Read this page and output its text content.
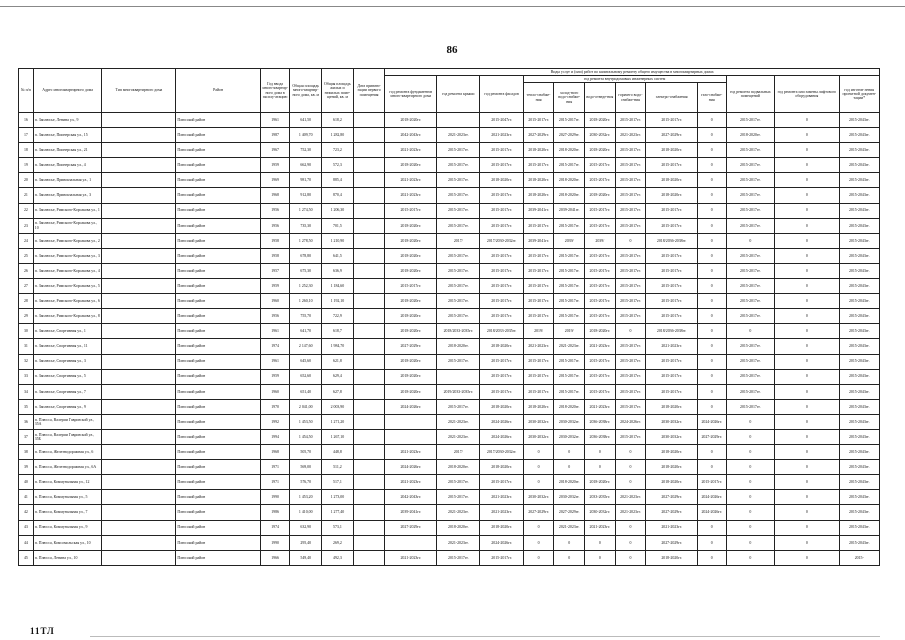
86
№ п/п	Адрес многоквартирного дома	Тип многоквартирного дома	Район	Год ввода много-квартир-ного дома в эксплу-атацию	Общая площадь много-квартир-ного дома, кв. м	Общая площадь жилых и нежилых поме-щений, кв. м	Дата привати-зации первого помещения	Виды услуг и (или) работ по капитальному ремонту общего имущества в многоквартирных домах											
								год ремонта фундаментов много-квартирного дома	год ремонта крыши	год ремонта фасадов	год ремонта внутридомовых инженерных систем						год ремонта подвальных помещений	год ремонта или замены лифтового оборудования	год изготов-ления проектной докумен-тации*
											тепло-снабже-ния	холод-ного водо-снабже-ния	водо-отведе-ния	горячего водо-снабже-ния	электро-снабжения	газо-снабже-ния			
16	п. Заплюсье, Ленина ул., 9		Плюсский район	1961	641,50	618,2		2018-2020гг.		2015-2047гг.	2015-2017гг.	2015-2017гг.	2018-2020гг.	2015-2017гг.	2015-2017гг.	0	2015-2017гг.	0	2015-2043гг.
17	п. Заплюсье, Пионерская ул., 15		Плюсский район	1987	1 409,70	1 282,80		2042-2043гг.	2021-2023гг.	2021-2023гг.	2027-2029гг.	2027-2029гг.	2030-2032гг.	2021-2023гг.	2027-2029гг.	0	2018-2020гг.	0	2015-2043гг.
18	п. Заплюсье, Пионерская ул., 21		Плюсский район	1967	752,30	723,2		2021-2023гг.	2015-2017гг.	2015-2017гг.	2018-2020гг.	2018-2020гг.	2018-2020гг.	2015-2017гг.	2018-2020гг.	0	2015-2017гг.	0	2015-2043гг.
19	п. Заплюсье, Пионерская ул., 4		Плюсский район	1959	662,90	572,3		2018-2020гг.	2015-2017гг.	2015-2017гг.	2015-2017гг.	2015-2017гг.	2015-2017гг.	2015-2017гг.	2015-2017гг.	0	2015-2017гг.	0	2015-2043гг.
20	п. Заплюсье, Привокзальная ул., 1		Плюсский район	1969	981,70	885,4		2021-2023гг.	2015-2017гг.	2018-2020гг.	2018-2020гг.	2018-2020гг.	2015-2017гг.	2015-2017гг.	2018-2020гг.	0	2015-2017гг.	0	2015-2043гг.
21	п. Заплюсье, Привокзальная ул., 3		Плюсский район	1968	912,80	870,4		2021-2023гг.	2015-2017гг.	2015-2017гг.	2018-2020гг.	2018-2020гг.	2018-2020гг.	2015-2017гг.	2018-2020гг.	0	2015-2017гг.	0	2015-2043гг.
22	п. Заплюсье, Римского-Корсакова ул., 1		Плюсский район	1956	1 274,50	1 206,30		2015-2017гг.	2015-2017гг.	2015-2017гг.	2039-2041гг.	2039-2041гг.	2015-2017гг.	2015-2017гг.	2015-2017гг.	0	2015-2017гг.	0	2015-2043гг.
23	п. Заплюсье, Римского-Корсакова ул., 10		Плюсский район	1956	735,30	701,5		2018-2020гг.	2015-2017гг.	2015-2017гг.	2015-2017гг.	2015-2017гг.	2015-2017гг.	2015-2017гг.	2015-2017гг.	0	2015-2017гг.	0	2015-2043гг.
24	п. Заплюсье, Римского-Корсакова ул., 2		Плюсский район	1958	1 278,50	1 210,90		2018-2020гг.	2017/	2017/2030-2032гг.	2039-2041гг.	2039/	2039/	0	2018/2036-2038гг.	0	0	0	2015-2043гг.
25	п. Заплюсье, Римского-Корсакова ул., 3		Плюсский район	1958	678,80	641,5		2018-2020гг.	2015-2017гг.	2015-2017гг.	2015-2017гг.	2015-2017гг.	2015-2017гг.	2015-2017гг.	2015-2017гг.	0	2015-2017гг.	0	2015-2043гг.
26	п. Заплюсье, Римского-Корсакова ул., 4		Плюсский район	1957	675,30	636,9		2018-2020гг.	2015-2017гг.	2015-2017гг.	2015-2017гг.	2015-2017гг.	2015-2017гг.	2015-2017гг.	2015-2017гг.	0	2015-2017гг.	0	2015-2043гг.
27	п. Заплюсье, Римского-Корсакова ул., 5		Плюсский район	1959	1 252,30	1 184,60		2015-2017гг.	2015-2017гг.	2015-2017гг.	2015-2017гг.	2015-2017гг.	2015-2017гг.	2015-2017гг.	2015-2017гг.	0	2015-2017гг.	0	2015-2043гг.
28	п. Заплюсье, Римского-Корсакова ул., 6		Плюсский район	1960	1 260,10	1 192,10		2018-2020гг.	2015-2017гг.	2015-2017гг.	2015-2017гг.	2015-2017гг.	2015-2017гг.	2015-2017гг.	2015-2017гг.	0	2015-2017гг.	0	2015-2043гг.
29	п. Заплюсье, Римского-Корсакова ул., 8		Плюсский район	1956	755,70	722,9		2018-2020гг.	2015-2017гг.	2015-2017гг.	2015-2017гг.	2015-2017гг.	2015-2017гг.	2015-2017гг.	2015-2017гг.	0	2015-2017гг.	0	2015-2043гг.
30	п. Заплюсье, Спортивная ул., 1		Плюсский район	1961	641,70	618,7		2018-2020гг.	2018/2033-2035гг.	2018/2033-2035гг.	2019/	2019/	2018-2020гг.	0	2018/2036-2038гг.	0	0	0	2015-2043гг.
31	п. Заплюсье, Спортивная ул., 11		Плюсский район	1974	2 147,60	1 984,70		2027-2029гг.	2018-2020гг.	2018-2020гг.	2021-2023гг.	2021-2023гг.	2021-2023гг.	2015-2017гг.	2021-2023гг.	0	2015-2017гг.	0	2015-2043гг.
32	п. Заплюсье, Спортивная ул., 3		Плюсский район	1961	645,60	621,8		2018-2020гг.	2015-2017гг.	2015-2017гг.	2015-2017гг.	2015-2017гг.	2015-2017гг.	2015-2017гг.	2015-2017гг.	0	2015-2017гг.	0	2015-2043гг.
33	п. Заплюсье, Спортивная ул., 5		Плюсский район	1959	652,60	629,4		2018-2020гг.		2015-2017гг.	2015-2017гг.	2015-2017гг.	2015-2017гг.	2015-2017гг.	2015-2017гг.	0	2015-2017гг.	0	2015-2043гг.
34	п. Заплюсье, Спортивная ул., 7		Плюсский район	1960	651,40	627,8		2018-2020гг.	2019/2033-2035гг.	2015-2017гг.	2015-2017гг.	2015-2017гг.	2015-2017гг.	2015-2017гг.	2015-2017гг.	0	2015-2017гг.	0	2015-2043гг.
35	п. Заплюсье, Спортивная ул., 9		Плюсский район	1970	2 041,00	2 003,90		2024-2026гг.	2015-2017гг.	2018-2020гг.	2018-2020гг.	2018-2020гг.	2021-2023гг.	2015-2017гг.	2018-2020гг.	0	2015-2017гг.	0	2015-2043гг.
36	п. Плюсса, Валерии Гавровской ул., 35А		Плюсский район	1992	1 453,50	1 271,20			2021-2023гг.	2024-2026гг.	2030-2032гг.	2030-2032гг.	2036-2038гг.	2024-2026гг.	2030-2032гг.	2024-2026гг.	0	0	2015-2043гг.
37	п. Плюсса, Валерии Гавровской ул., 35Б		Плюсский район	1994	1 454,50	1 267,10			2021-2023гг.	2024-2026гг.	2030-2032гг.	2030-2032гг.	2036-2038гг.	2015-2017гг.	2030-2032гг.	2027-2029гг.	0	0	2015-2043гг.
38	п. Плюсса, Железнодорожная ул., 6		Плюсский район	1968	505,70	448,8		2021-2023гг.	2017/	2017/2030-2032гг.	0	0	0	0	2018-2020гг.	0	0	0	2015-2043гг.
39	п. Плюсса, Железнодорожная ул., 6А		Плюсский район	1971	569,00	511,2		2024-2026гг.	2018-2020гг.	2018-2020гг.	0	0	0	0	2018-2020гг.	0	0	0	2015-2043гг.
40	п. Плюсса, Коммунальная ул., 12		Плюсский район	1971	576,70	517,1		2021-2023гг.	2015-2017гг.	2015-2017гг.	0	2018-2020гг.	2018-2020гг.	0	2018-2020гг.	2015-2017гг.	0	0	2015-2043гг.
41	п. Плюсса, Коммунальная ул., 5		Плюсский район	1990	1 453,20	1 273,00		2042-2043гг.	2015-2017гг.	2021-2023гг.	2030-2032гг.	2030-2032гг.	2033-2035гг.	2021-2023гг.	2027-2029гг.	2024-2026гг.	0	0	2015-2043гг.
42	п. Плюсса, Коммунальная ул., 7		Плюсский район	1986	1 410,00	1 277,40		2039-2041гг.	2021-2023гг.	2021-2023гг.	2027-2029гг.	2027-2029гг.	2030-2032гг.	2021-2023гг.	2027-2029гг.	2024-2026гг.	0	0	2015-2043гг.
43	п. Плюсса, Коммунальная ул., 9		Плюсский район	1974	632,90	573,1		2027-2029гг.	2018-2020гг.	2018-2020гг.	0	2021-2023гг.	2021-2023гг.	0	2021-2023гг.	0	0	0	2015-2043гг.
44	п. Плюсса, Комсомольская ул., 10		Плюсский район	1990	295,40	269,2			2021-2023гг.	2024-2026гг.	0	0	0	0	2027-2029гг.	0	0	0	2015-2043гг.
45	п. Плюсса, Ленина ул., 10		Плюсский район	1966	549,40	492,3		2021-2023гг.	2015-2017гг.	2015-2017гг.	0	0	0	0	2018-2020гг.	0	0	0	2015-
11ТЛ
